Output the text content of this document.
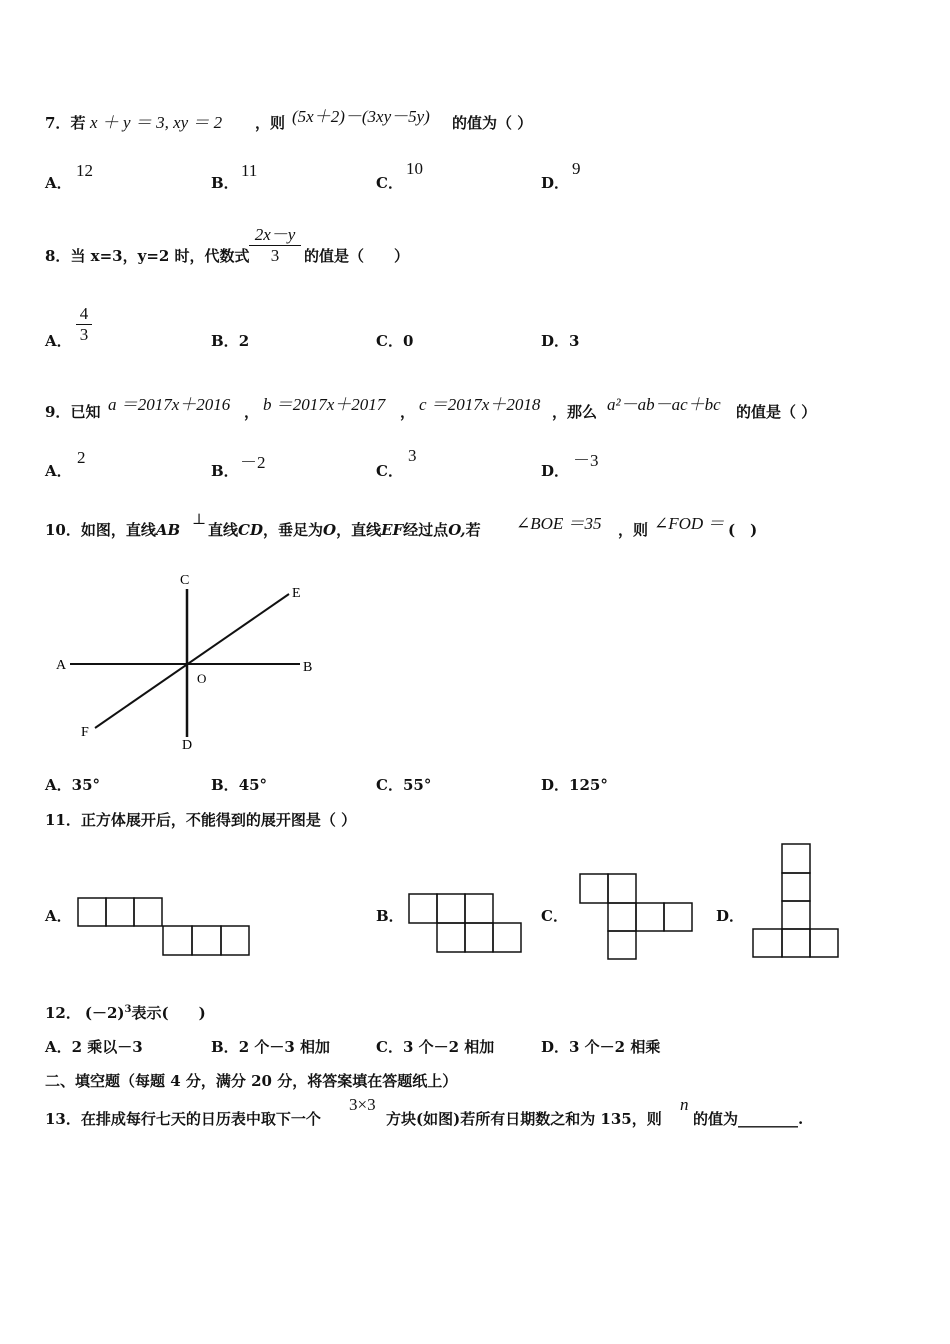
7．若 x ＋ y ＝ 3, xy ＝ 2 ，则 (5x＋2)－(3xy－5y) 的值为（ ）
A．
12
B．
11
C．
10
D．
9
8．当 x=3，y=2 时，代数式
2x－y
3	的值是（　　）
A．
4
3	B．2	C．0	D．3
9．已知 a ＝2017x＋2016 ， b ＝2017x＋2017 ， c ＝2017x＋2018 ，那么 a²－ab－ac＋bc 的值是（ ）
A．
2
B． －2	C．
3
D．
－3
10．如图，直线AB
⊥
直线CD，垂足为O，直线EF经过点O,若 ∠BOE ＝35 ，则 ∠FOD ＝ (　)
C
E
A	B
O
F
D
A．35°	B．45°	C．55°	D．125°
11．正方体展开后，不能得到的展开图是（ ）
A．	B．	C．	D．
12． $(-2)^3$表示(　　)
A．2 乘以－3	B．2 个－3 相加	C．3 个－2 相加	D．3 个－2 相乘
二、填空题（每题 4 分，满分 20 分，将答案填在答题纸上）
13．在排成每行七天的日历表中取下一个
3×3
方块(如图)若所有日期数之和为 135，则
n
的值为________.
